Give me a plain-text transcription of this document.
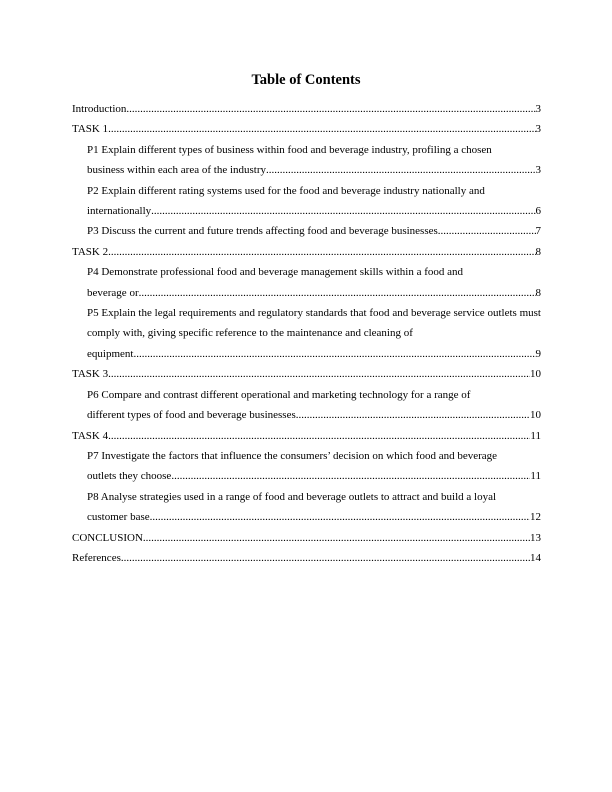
Table of Contents
Introduction .....	3
TASK 1 .....	3
P1 Explain different types of business within food and beverage industry, profiling a chosen
business within each area of the industry .....	3
P2 Explain different rating systems used for the food and beverage industry nationally and
internationally .....	6
P3 Discuss the current and future trends affecting food and beverage businesses .....	7
TASK 2 .....	8
P4 Demonstrate professional food and beverage management skills within a food and
beverage or .....	8
P5 Explain the legal requirements and regulatory standards that food and beverage service outlets must comply with, giving specific reference to the maintenance and cleaning of
equipment .....	9
TASK 3 .....	10
P6 Compare and contrast different operational and marketing technology for a range of
different types of food and beverage businesses .....	10
TASK 4 .....	11
P7 Investigate the factors that influence the consumers’ decision on which food and beverage
outlets they choose .....	11
P8 Analyse strategies used in a range of food and beverage outlets to attract and build a loyal
customer base .....	12
CONCLUSION .....	13
References .....	14
